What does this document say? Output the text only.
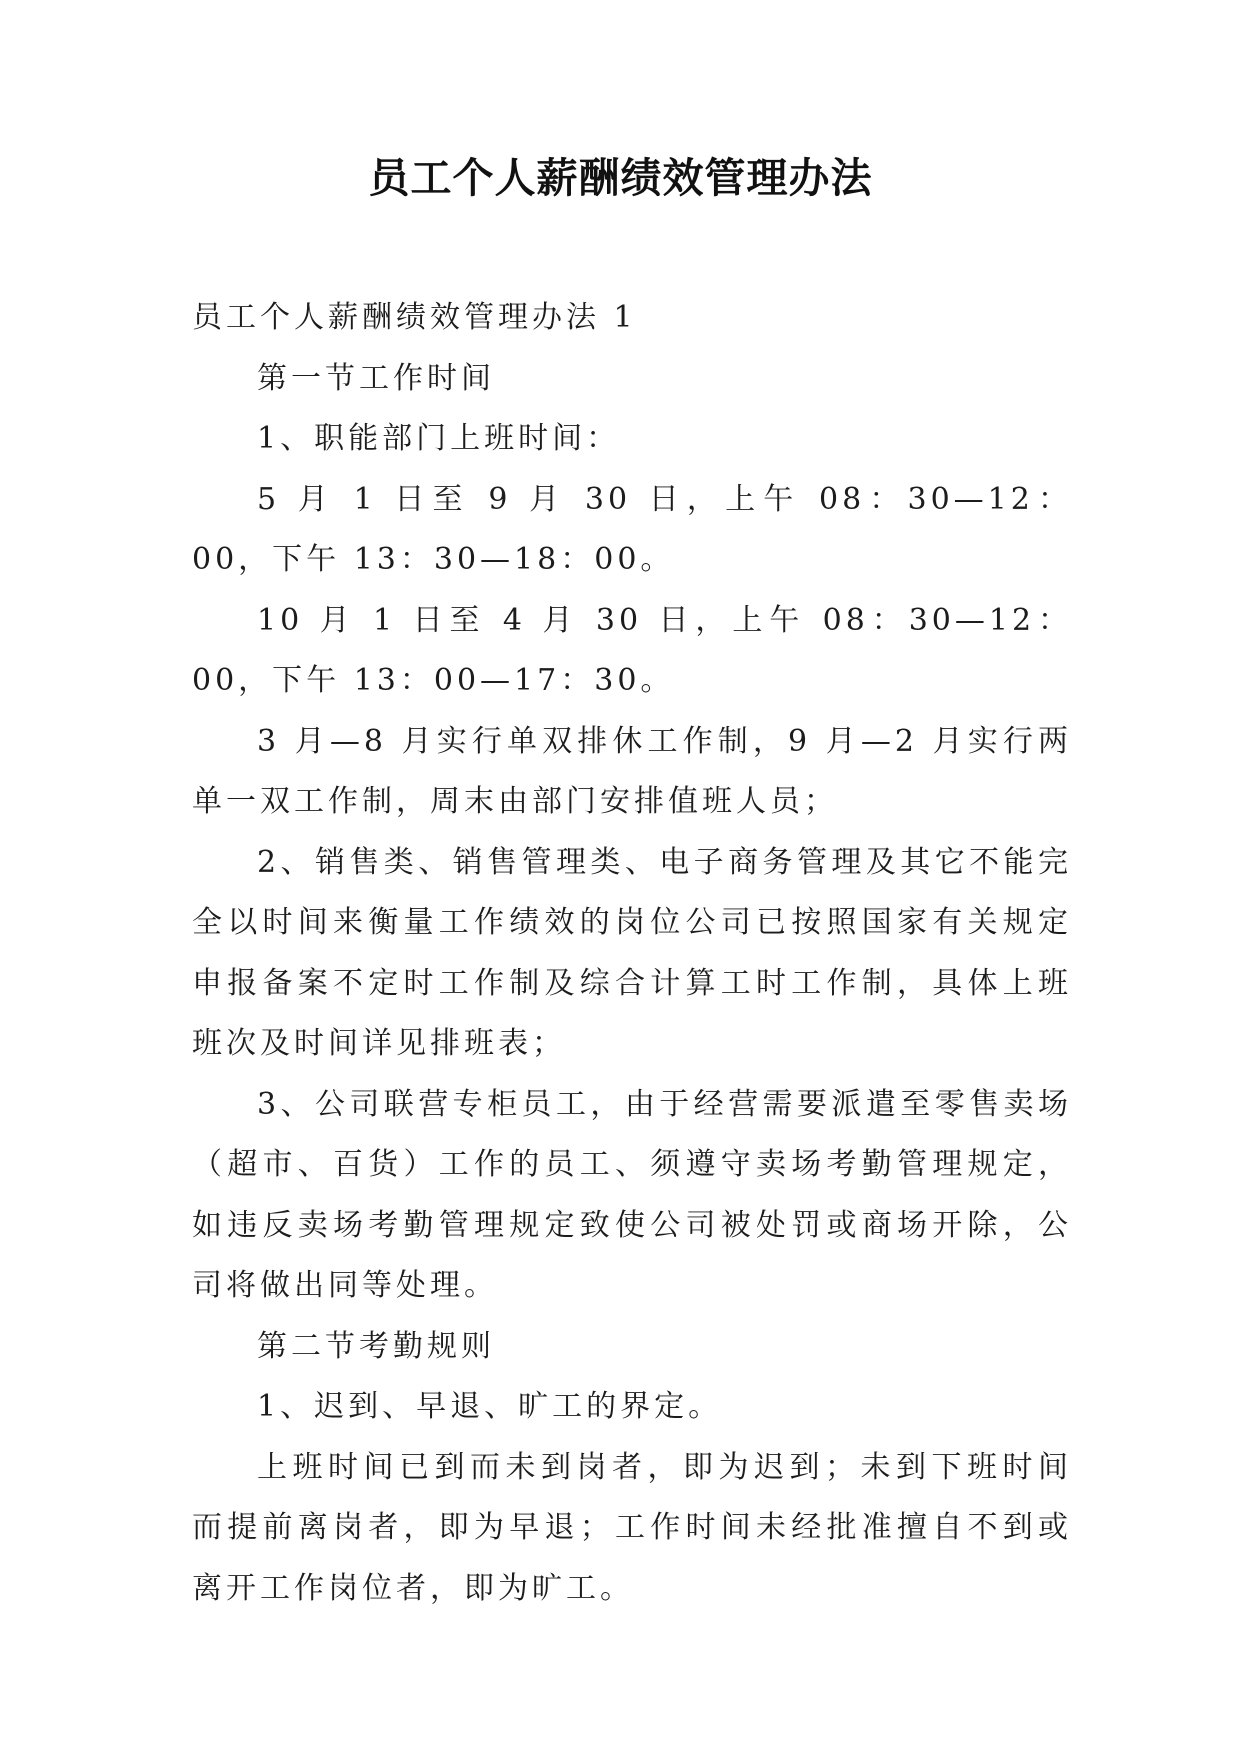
员工个人薪酬绩效管理办法

员工个人薪酬绩效管理办法 1

第一节工作时间

1、职能部门上班时间：

5 月 1 日至 9 月 30 日，上午 08：30—12：00，下午 13：30—18：00。

10 月 1 日至 4 月 30 日，上午 08：30—12：00，下午 13：00—17：30。

3 月—8 月实行单双排休工作制，9 月—2 月实行两单一双工作制，周末由部门安排值班人员；

2、销售类、销售管理类、电子商务管理及其它不能完全以时间来衡量工作绩效的岗位公司已按照国家有关规定申报备案不定时工作制及综合计算工时工作制，具体上班班次及时间详见排班表；

3、公司联营专柜员工，由于经营需要派遣至零售卖场（超市、百货）工作的员工、须遵守卖场考勤管理规定，如违反卖场考勤管理规定致使公司被处罚或商场开除，公司将做出同等处理。

第二节考勤规则

1、迟到、早退、旷工的界定。

上班时间已到而未到岗者，即为迟到；未到下班时间而提前离岗者，即为早退；工作时间未经批准擅自不到或离开工作岗位者，即为旷工。
